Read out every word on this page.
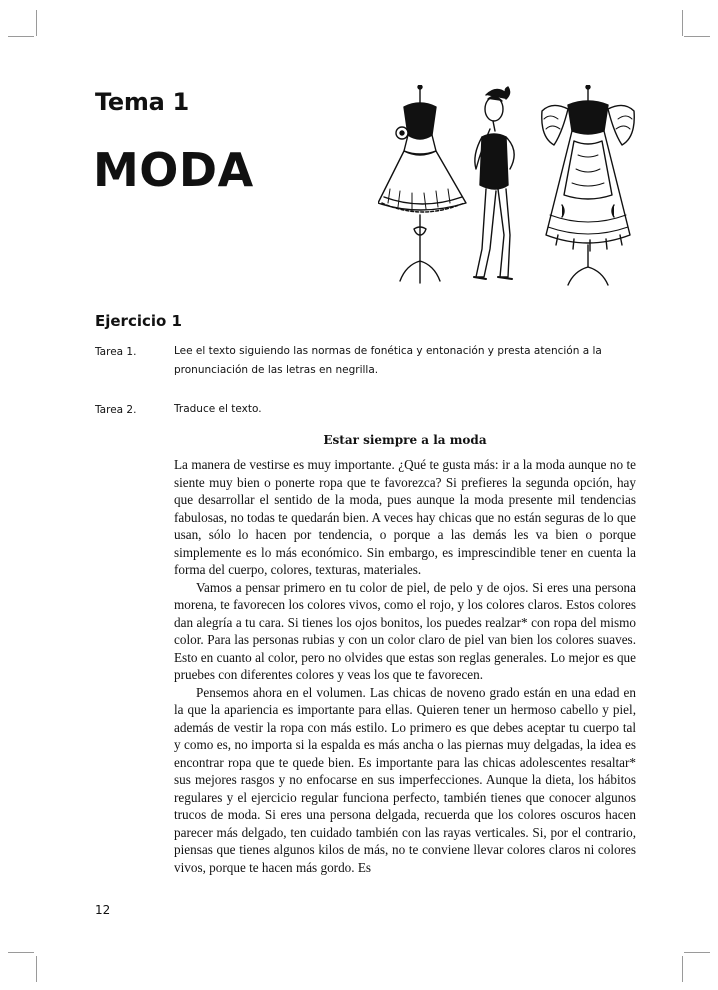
Tema 1
MODA
Ejercicio 1
Tarea 1.	Lee el texto siguiendo las normas de fonética y entonación y presta atención a la pronunciación de las letras en negrilla.
Tarea 2.	Traduce el texto.
Estar siempre a la moda

La manera de vestirse es muy importante. ¿Qué te gusta más: ir a la moda aunque no te siente muy bien o ponerte ropa que te favorezca? Si prefieres la segunda opción, hay que desarrollar el sentido de la moda, pues aunque la moda presente mil tendencias fabulosas, no todas te quedarán bien. A veces hay chicas que no están seguras de lo que usan, sólo lo hacen por tendencia, o porque a las demás les va bien o porque simplemente es lo más económico. Sin embargo, es imprescindible tener en cuenta la forma del cuerpo, colores, texturas, materiales.

Vamos a pensar primero en tu color de piel, de pelo y de ojos. Si eres una persona morena, te favorecen los colores vivos, como el rojo, y los colores claros. Estos colores dan alegría a tu cara. Si tienes los ojos bonitos, los puedes realzar* con ropa del mismo color. Para las personas rubias y con un color claro de piel van bien los colores suaves. Esto en cuanto al color, pero no olvides que estas son reglas generales. Lo mejor es que pruebes con diferentes colores y veas los que te favorecen.

Pensemos ahora en el volumen. Las chicas de noveno grado están en una edad en la que la apariencia es importante para ellas. Quieren tener un hermoso cabello y piel, además de vestir la ropa con más estilo. Lo primero es que debes aceptar tu cuerpo tal y como es, no importa si la espalda es más ancha o las piernas muy delgadas, la idea es encontrar ropa que te quede bien. Es importante para las chicas adolescentes resaltar* sus mejores rasgos y no enfocarse en sus imperfecciones. Aunque la dieta, los hábitos regulares y el ejercicio regular funciona perfecto, también tienes que conocer algunos trucos de moda. Si eres una persona delgada, recuerda que los colores oscuros hacen parecer más delgado, ten cuidado también con las rayas verticales. Si, por el contrario, piensas que tienes algunos kilos de más, no te conviene llevar colores claros ni colores vivos, porque te hacen más gordo. Es

12
